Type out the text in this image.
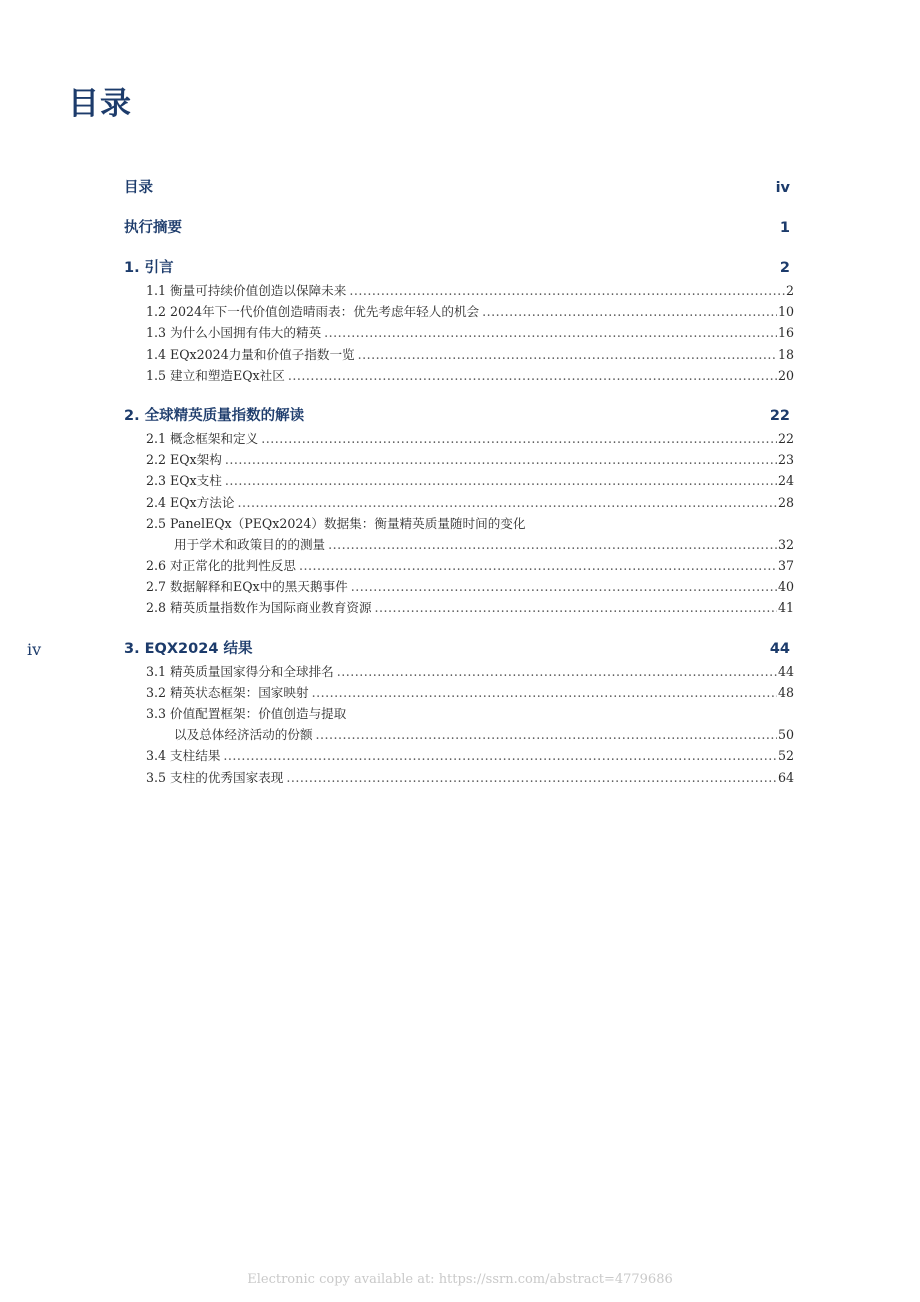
目录
目录	iv
执行摘要	1
1. 引言	2
1.1 衡量可持续价值创造以保障未来 .....	2
1.2 2024年下一代价值创造晴雨表：优先考虑年轻人的机会 .....	10
1.3 为什么小国拥有伟大的精英 .....	16
1.4 EQx2024力量和价值子指数一览 .....	18
1.5 建立和塑造EQx社区 .....	20
2. 全球精英质量指数的解读	22
2.1 概念框架和定义 .....	22
2.2 EQx架构 .....	23
2.3 EQx支柱 .....	24
2.4 EQx方法论 .....	28
2.5 PanelEQx（PEQx2024）数据集：衡量精英质量随时间的变化
用于学术和政策目的的测量 .....	32
2.6 对正常化的批判性反思 .....	37
2.7 数据解释和EQx中的黑天鹅事件 .....	40
2.8 精英质量指数作为国际商业教育资源 .....	41
3. EQX2024 结果	44
3.1 精英质量国家得分和全球排名 .....	44
3.2 精英状态框架：国家映射 .....	48
3.3 价值配置框架：价值创造与提取
以及总体经济活动的份额 .....	50
3.4 支柱结果 .....	52
3.5 支柱的优秀国家表现 .....	64
iv
Electronic copy available at: https://ssrn.com/abstract=4779686
